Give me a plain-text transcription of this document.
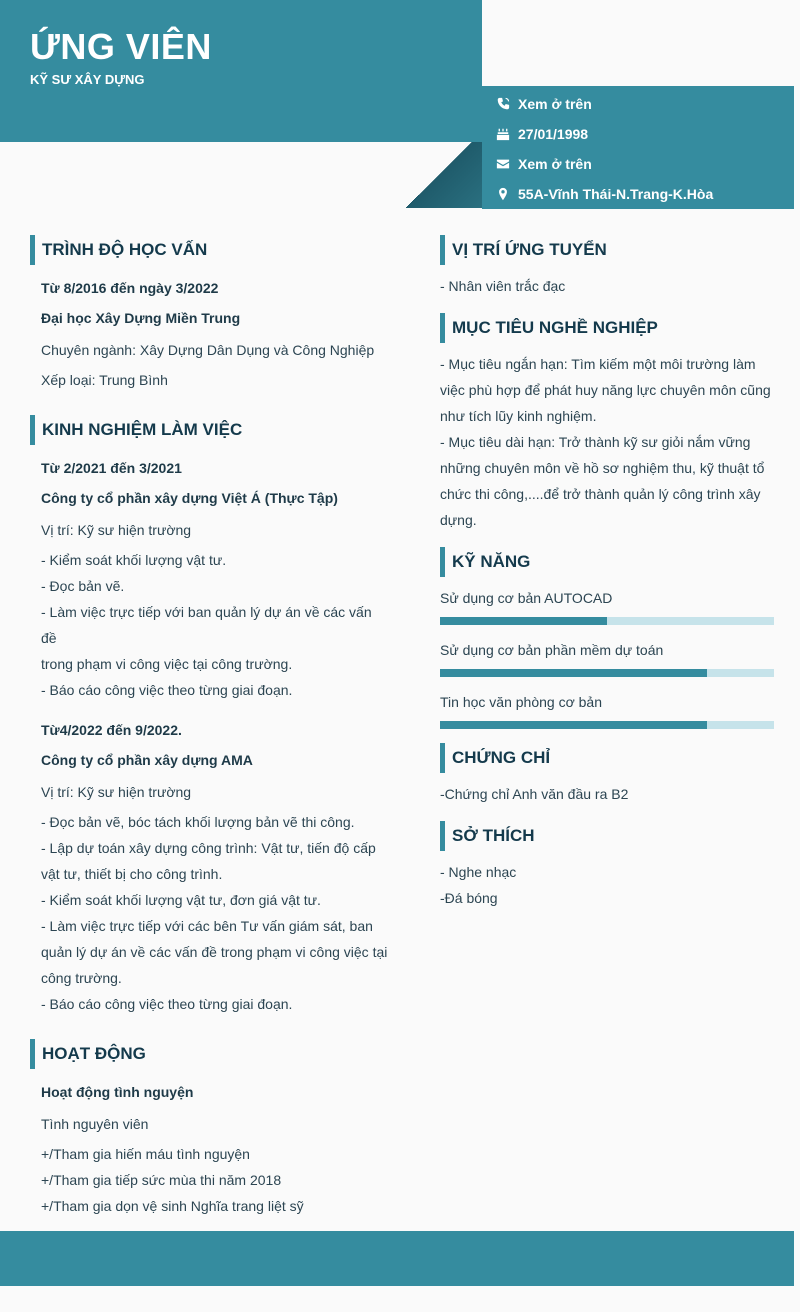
ỨNG VIÊN
KỸ SƯ XÂY DỰNG
Xem ở trên
27/01/1998
Xem ở trên
55A-Vĩnh Thái-N.Trang-K.Hòa
TRÌNH ĐỘ HỌC VẤN
Từ 8/2016 đến ngày 3/2022
Đại học Xây Dựng Miền Trung
Chuyên ngành: Xây Dựng Dân Dụng và Công Nghiệp
Xếp loại: Trung Bình
KINH NGHIỆM LÀM VIỆC
Từ 2/2021 đến 3/2021
Công ty cổ phần xây dựng Việt Á (Thực Tập)
Vị trí: Kỹ sư hiện trường
- Kiểm soát khối lượng vật tư.
- Đọc bản vẽ.
- Làm việc trực tiếp với ban quản lý dự án về các vấn đề
trong phạm vi công việc tại công trường.
- Báo cáo công việc theo từng giai đoạn.
Từ4/2022 đến 9/2022.
Công ty cổ phần xây dựng AMA
Vị trí: Kỹ sư hiện trường
- Đọc bản vẽ, bóc tách khối lượng bản vẽ thi công.
- Lập dự toán xây dựng công trình: Vật tư, tiến độ cấp
vật tư, thiết bị cho công trình.
- Kiểm soát khối lượng vật tư, đơn giá vật tư.
- Làm việc trực tiếp với các bên Tư vấn giám sát, ban
quản lý dự án về các vấn đề trong phạm vi công việc tại
công trường.
- Báo cáo công việc theo từng giai đoạn.
HOẠT ĐỘNG
Hoạt động tình nguyện
Tình nguyên viên
+/Tham gia hiến máu tình nguyện
+/Tham gia tiếp sức mùa thi năm 2018
+/Tham gia dọn vệ sinh Nghĩa trang liệt sỹ
VỊ TRÍ ỨNG TUYỂN
- Nhân viên trắc đạc
MỤC TIÊU NGHỀ NGHIỆP
- Mục tiêu ngắn hạn: Tìm kiếm một môi trường làm
việc phù hợp để phát huy năng lực chuyên môn cũng
như tích lũy kinh nghiệm.
- Mục tiêu dài hạn: Trở thành kỹ sư giỏi nắm vững
những chuyên môn về hồ sơ nghiệm thu, kỹ thuật tổ
chức thi công,....để trở thành quản lý công trình xây
dựng.
KỸ NĂNG
Sử dụng cơ bản AUTOCAD
Sử dụng cơ bản phần mềm dự toán
Tin học văn phòng cơ bản
CHỨNG CHỈ
-Chứng chỉ Anh văn đầu ra B2
SỞ THÍCH
- Nghe nhạc
-Đá bóng
